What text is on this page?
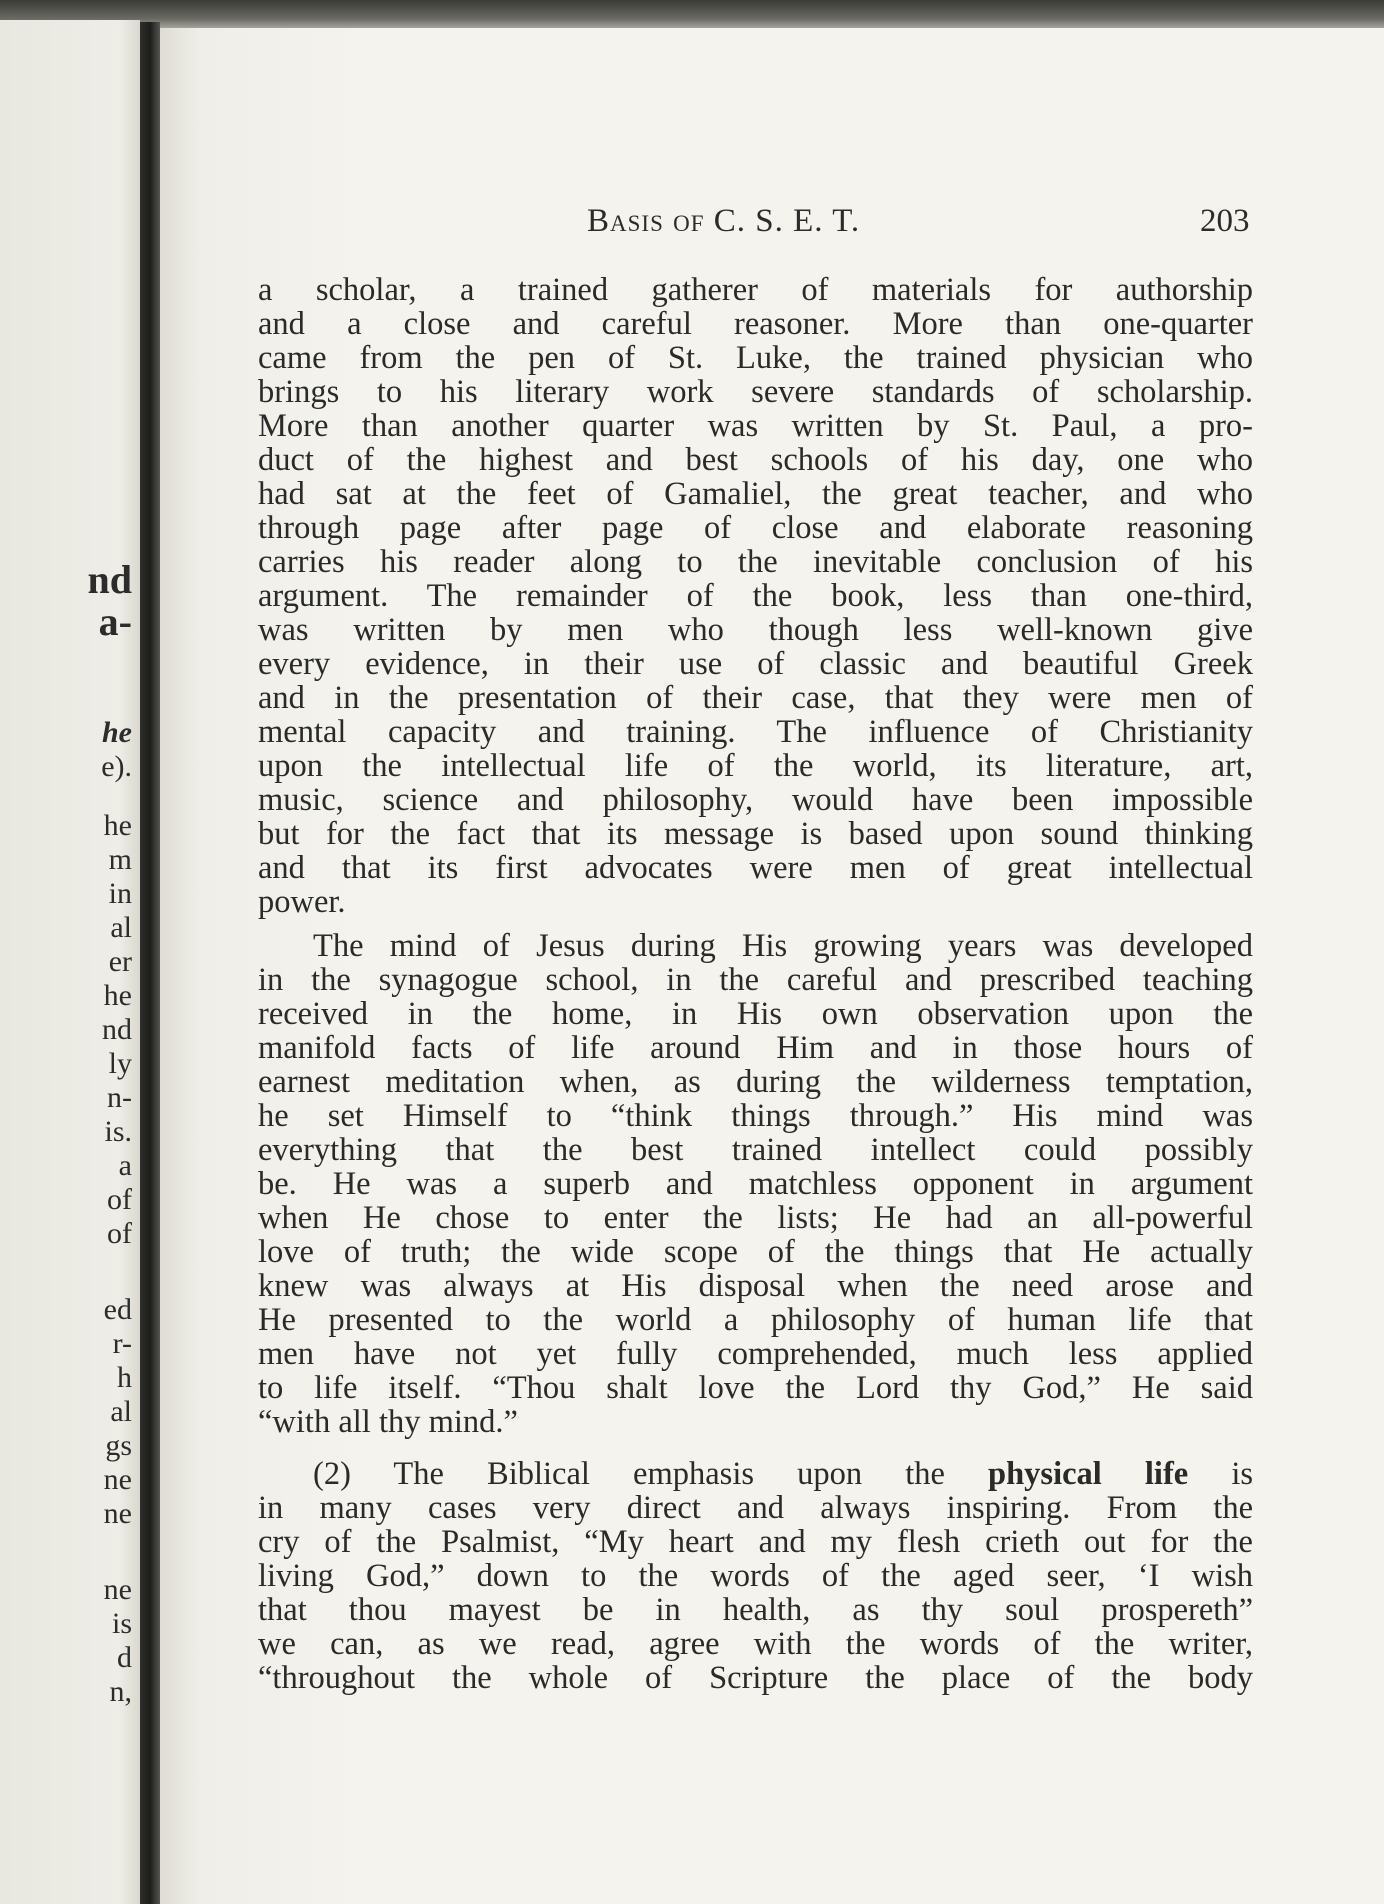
nd
a-
he
e).
he
m
in
al
er
he
nd
ly
n-
is.
a
of
of
ed
r-
h
al
gs
ne
ne
ne
is
d
n,
Basis of C. S. E. T.	203
a scholar, a trained gatherer of materials for authorship
and a close and careful reasoner. More than one-quarter
came from the pen of St. Luke, the trained physician who
brings to his literary work severe standards of scholarship.
More than another quarter was written by St. Paul, a pro-
duct of the highest and best schools of his day, one who
had sat at the feet of Gamaliel, the great teacher, and who
through page after page of close and elaborate reasoning
carries his reader along to the inevitable conclusion of his
argument. The remainder of the book, less than one-third,
was written by men who though less well-known give
every evidence, in their use of classic and beautiful Greek
and in the presentation of their case, that they were men of
mental capacity and training. The influence of Christianity
upon the intellectual life of the world, its literature, art,
music, science and philosophy, would have been impossible
but for the fact that its message is based upon sound thinking
and that its first advocates were men of great intellectual
power.
The mind of Jesus during His growing years was developed
in the synagogue school, in the careful and prescribed teaching
received in the home, in His own observation upon the
manifold facts of life around Him and in those hours of
earnest meditation when, as during the wilderness temptation,
he set Himself to “think things through.” His mind was
everything that the best trained intellect could possibly
be. He was a superb and matchless opponent in argument
when He chose to enter the lists; He had an all-powerful
love of truth; the wide scope of the things that He actually
knew was always at His disposal when the need arose and
He presented to the world a philosophy of human life that
men have not yet fully comprehended, much less applied
to life itself. “Thou shalt love the Lord thy God,” He said
“with all thy mind.”
(2) The Biblical emphasis upon the physical life is
in many cases very direct and always inspiring. From the
cry of the Psalmist, “My heart and my flesh crieth out for the
living God,” down to the words of the aged seer, ‘I wish
that thou mayest be in health, as thy soul prospereth”
we can, as we read, agree with the words of the writer,
“throughout the whole of Scripture the place of the body
